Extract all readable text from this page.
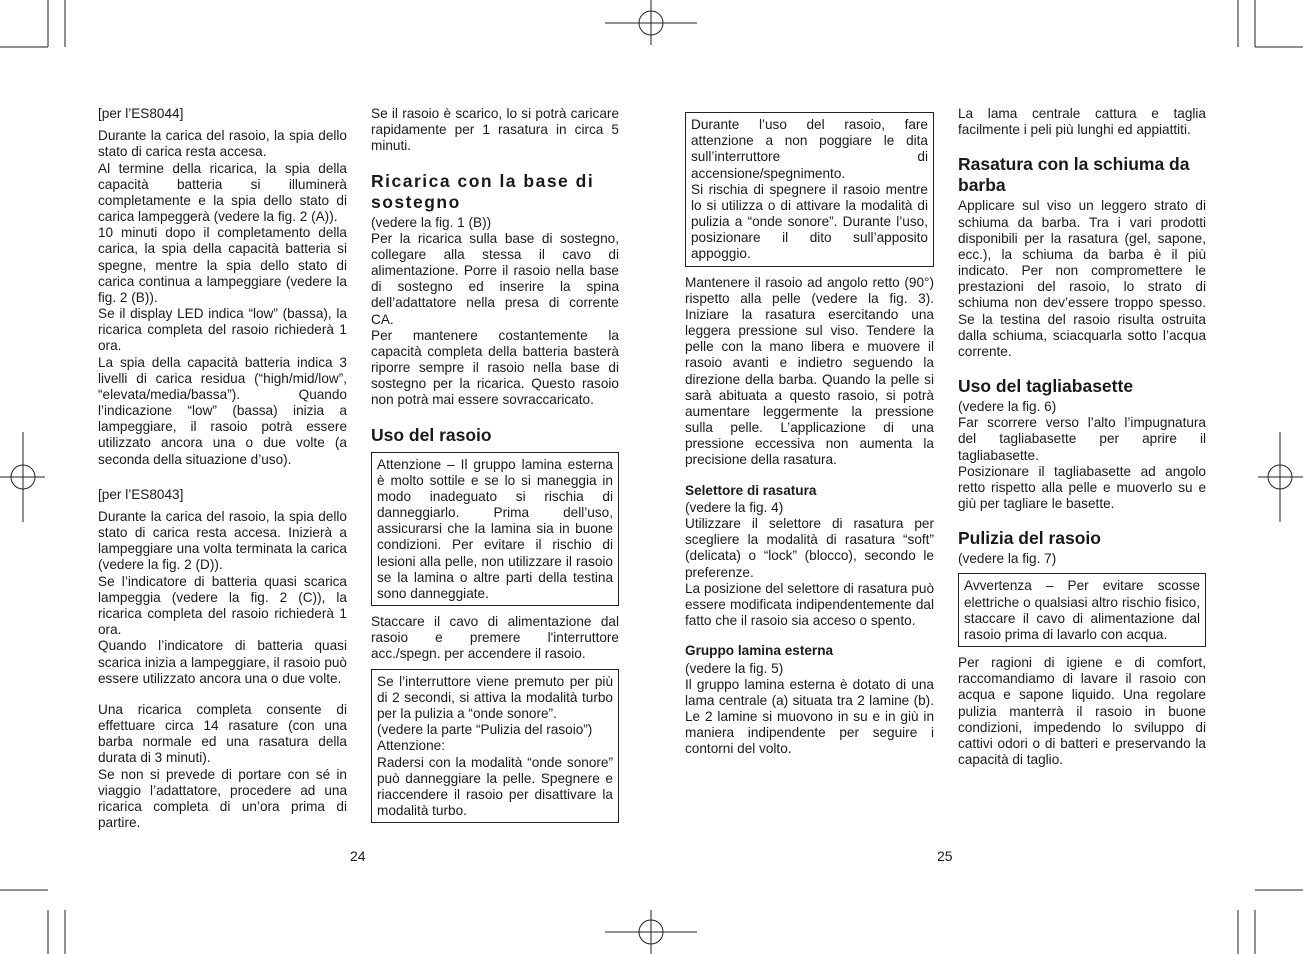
[per l’ES8044]

Durante la carica del rasoio, la spia dello stato di carica resta accesa.

Al termine della ricarica, la spia della capacità batteria si illuminerà completamente e la spia dello stato di carica lampeggerà (vedere la fig. 2 (A)).

10 minuti dopo il completamento della carica, la spia della capacità batteria si spegne, mentre la spia dello stato di carica continua a lampeggiare (vedere la fig. 2 (B)).

Se il display LED indica “low” (bassa), la ricarica completa del rasoio richiederà 1 ora.

La spia della capacità batteria indica 3 livelli di carica residua (“high/mid/low”, “elevata/media/bassa”). Quando l’indicazione “low” (bassa) inizia a lampeggiare, il rasoio potrà essere utilizzato ancora una o due volte (a seconda della situazione d’uso).

[per l’ES8043]

Durante la carica del rasoio, la spia dello stato di carica resta accesa. Inizierà a lampeggiare una volta terminata la carica (vedere la fig. 2 (D)).

Se l’indicatore di batteria quasi scarica lampeggia (vedere la fig. 2 (C)), la ricarica completa del rasoio richiederà 1 ora.

Quando l’indicatore di batteria quasi scarica inizia a lampeggiare, il rasoio può essere utilizzato ancora una o due volte.

Una ricarica completa consente di effettuare circa 14 rasature (con una barba normale ed una rasatura della durata di 3 minuti).

Se non si prevede di portare con sé in viaggio l’adattatore, procedere ad una ricarica completa di un’ora prima di partire.

Se il rasoio è scarico, lo si potrà caricare rapidamente per 1 rasatura in circa 5 minuti.

Ricarica con la base di sostegno

(vedere la fig. 1 (B))

Per la ricarica sulla base di sostegno, collegare alla stessa il cavo di alimentazione. Porre il rasoio nella base di sostegno ed inserire la spina dell’adattatore nella presa di corrente CA.

Per mantenere costantemente la capacità completa della batteria basterà riporre sempre il rasoio nella base di sostegno per la ricarica. Questo rasoio non potrà mai essere sovraccaricato.

Uso del rasoio

Attenzione – Il gruppo lamina esterna è molto sottile e se lo si maneggia in modo inadeguato si rischia di danneggiarlo. Prima dell’uso, assicurarsi che la lamina sia in buone condizioni. Per evitare il rischio di lesioni alla pelle, non utilizzare il rasoio se la lamina o altre parti della testina sono danneggiate.

Staccare il cavo di alimentazione dal rasoio e premere l'interruttore acc./spegn. per accendere il rasoio.

Se l’interruttore viene premuto per più di 2 secondi, si attiva la modalità turbo per la pulizia a “onde sonore”.

(vedere la parte “Pulizia del rasoio”)

Attenzione:

Radersi con la modalità “onde sonore” può danneggiare la pelle. Spegnere e riaccendere il rasoio per disattivare la modalità turbo.

24

Durante l’uso del rasoio, fare attenzione a non poggiare le dita sull’interruttore di accensione/spegnimento.

Si rischia di spegnere il rasoio mentre lo si utilizza o di attivare la modalità di pulizia a “onde sonore”. Durante l’uso, posizionare il dito sull’apposito appoggio.

Mantenere il rasoio ad angolo retto (90°) rispetto alla pelle (vedere la fig. 3). Iniziare la rasatura esercitando una leggera pressione sul viso. Tendere la pelle con la mano libera e muovere il rasoio avanti e indietro seguendo la direzione della barba. Quando la pelle si sarà abituata a questo rasoio, si potrà aumentare leggermente la pressione sulla pelle. L’applicazione di una pressione eccessiva non aumenta la precisione della rasatura.

Selettore di rasatura

(vedere la fig. 4)

Utilizzare il selettore di rasatura per scegliere la modalità di rasatura “soft” (delicata) o “lock” (blocco), secondo le preferenze.

La posizione del selettore di rasatura può essere modificata indipendentemente dal fatto che il rasoio sia acceso o spento.

Gruppo lamina esterna

(vedere la fig. 5)

Il gruppo lamina esterna è dotato di una lama centrale (a) situata tra 2 lamine (b). Le 2 lamine si muovono in su e in giù in maniera indipendente per seguire i contorni del volto.

La lama centrale cattura e taglia facilmente i peli più lunghi ed appiattiti.

Rasatura con la schiuma da barba

Applicare sul viso un leggero strato di schiuma da barba. Tra i vari prodotti disponibili per la rasatura (gel, sapone, ecc.), la schiuma da barba è il più indicato. Per non compromettere le prestazioni del rasoio, lo strato di schiuma non dev’essere troppo spesso. Se la testina del rasoio risulta ostruita dalla schiuma, sciacquarla sotto l’acqua corrente.

Uso del tagliabasette

(vedere la fig. 6)

Far scorrere verso l’alto l’impugnatura del tagliabasette per aprire il tagliabasette.

Posizionare il tagliabasette ad angolo retto rispetto alla pelle e muoverlo su e giù per tagliare le basette.

Pulizia del rasoio

(vedere la fig. 7)

Avvertenza – Per evitare scosse elettriche o qualsiasi altro rischio fisico, staccare il cavo di alimentazione dal rasoio prima di lavarlo con acqua.

Per ragioni di igiene e di comfort, raccomandiamo di lavare il rasoio con acqua e sapone liquido. Una regolare pulizia manterrà il rasoio in buone condizioni, impedendo lo sviluppo di cattivi odori o di batteri e preservando la capacità di taglio.

25
